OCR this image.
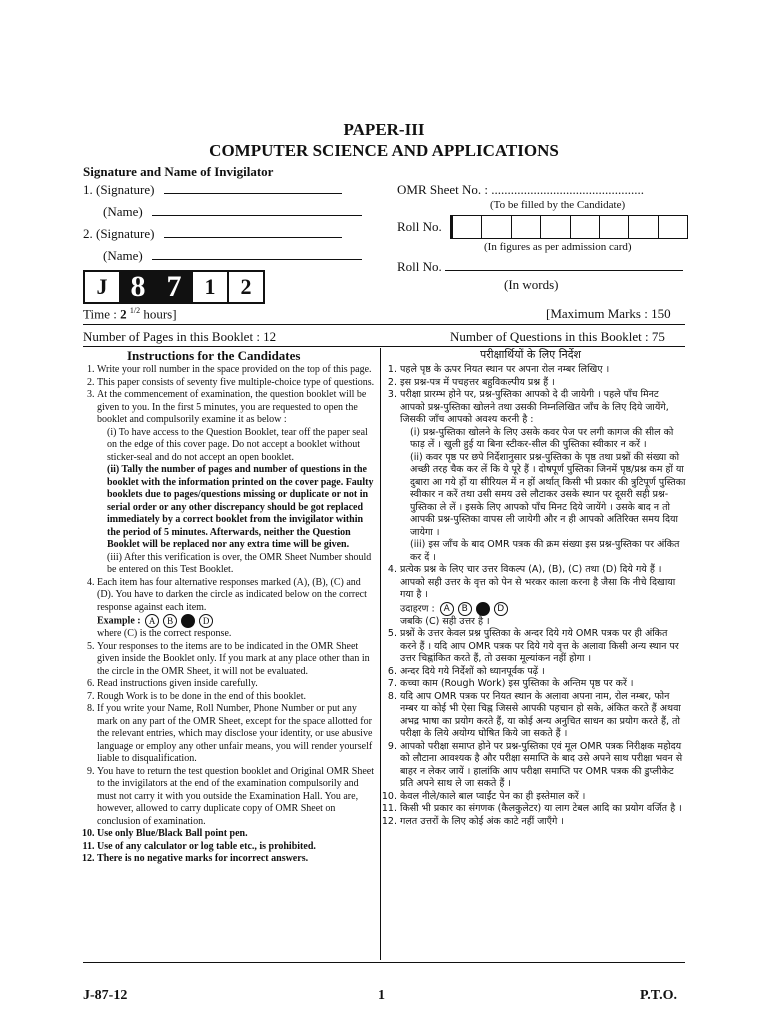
PAPER-III
COMPUTER SCIENCE AND APPLICATIONS
Signature and Name of Invigilator
1. (Signature)
(Name)
2. (Signature)
(Name)
OMR Sheet No. : ...............................................
(To be filled by the Candidate)
Roll No.
(In figures as per admission card)
Roll No.
(In words)
J 8 7	1	2
Time : 2 $^{1/2}$ hours]	[Maximum Marks : 150
Number of Pages in this Booklet : 12	Number of Questions in this Booklet : 75
Instructions for the Candidates	परीक्षार्थियों के लिए निर्देश
1. Write your roll number in the space provided on the top of this page.
2. This paper consists of seventy five multiple-choice type of questions.
3. At the commencement of examination, the question booklet will be given to you. In the first 5 minutes, you are requested to open the booklet and compulsorily examine it as below :
(i) To have access to the Question Booklet, tear off the paper seal on the edge of this cover page. Do not accept a booklet without sticker-seal and do not accept an open booklet.
(ii) Tally the number of pages and number of questions in the booklet with the information printed on the cover page. Faulty booklets due to pages/questions missing or duplicate or not in serial order or any other discrepancy should be got replaced immediately by a correct booklet from the invigilator within the period of 5 minutes. Afterwards, neither the Question Booklet will be replaced nor any extra time will be given.
(iii) After this verification is over, the OMR Sheet Number should be entered on this Test Booklet.
4. Each item has four alternative responses marked (A), (B), (C) and (D). You have to darken the circle as indicated below on the correct response against each item.
Example : A B	D
where (C) is the correct response.
5. Your responses to the items are to be indicated in the OMR Sheet given inside the Booklet only. If you mark at any place other than in the circle in the OMR Sheet, it will not be evaluated.
6. Read instructions given inside carefully.
7. Rough Work is to be done in the end of this booklet.
8. If you write your Name, Roll Number, Phone Number or put any mark on any part of the OMR Sheet, except for the space allotted for the relevant entries, which may disclose your identity, or use abusive language or employ any other unfair means, you will render yourself liable to disqualification.
9. You have to return the test question booklet and Original OMR Sheet to the invigilators at the end of the examination compulsorily and must not carry it with you outside the Examination Hall. You are, however, allowed to carry duplicate copy of OMR Sheet on conclusion of examination.
10. Use only Blue/Black Ball point pen.
11. Use of any calculator or log table etc., is prohibited.
12. There is no negative marks for incorrect answers.
1. पहले पृष्ठ के ऊपर नियत स्थान पर अपना रोल नम्बर लिखिए ।
2. इस प्रश्न-पत्र में पचहत्तर बहुविकल्पीय प्रश्न हैं ।
3. परीक्षा प्रारम्भ होने पर, प्रश्न-पुस्तिका आपको दे दी जायेगी । पहले पाँच मिनट आपको प्रश्न-पुस्तिका खोलने तथा उसकी निम्नलिखित जाँच के लिए दिये जायेंगे, जिसकी जाँच आपको अवश्य करनी है :
(i) प्रश्न-पुस्तिका खोलने के लिए उसके कवर पेज पर लगी कागज की सील को फाड़ लें । खुली हुई या बिना स्टीकर-सील की पुस्तिका स्वीकार न करें ।
(ii) कवर पृष्ठ पर छपे निर्देशानुसार प्रश्न-पुस्तिका के पृष्ठ तथा प्रश्नों की संख्या को अच्छी तरह चैक कर लें कि ये पूरे हैं । दोषपूर्ण पुस्तिका जिनमें पृष्ठ/प्रश्न कम हों या दुबारा आ गये हों या सीरियल में न हों अर्थात् किसी भी प्रकार की त्रुटिपूर्ण पुस्तिका स्वीकार न करें तथा उसी समय उसे लौटाकर उसके स्थान पर दूसरी सही प्रश्न-पुस्तिका ले लें । इसके लिए आपको पाँच मिनट दिये जायेंगे । उसके बाद न तो आपकी प्रश्न-पुस्तिका वापस ली जायेगी और न ही आपको अतिरिक्त समय दिया जायेगा ।
(iii) इस जाँच के बाद OMR पत्रक की क्रम संख्या इस प्रश्न-पुस्तिका पर अंकित कर दें ।
4. प्रत्येक प्रश्न के लिए चार उत्तर विकल्प (A), (B), (C) तथा (D) दिये गये हैं । आपको सही उत्तर के वृत्त को पेन से भरकर काला करना है जैसा कि नीचे दिखाया गया है ।
उदाहरण : A B	D
जबकि (C) सही उत्तर है ।
5. प्रश्नों के उत्तर केवल प्रश्न पुस्तिका के अन्दर दिये गये OMR पत्रक पर ही अंकित करने हैं । यदि आप OMR पत्रक पर दिये गये वृत्त के अलावा किसी अन्य स्थान पर उत्तर चिह्नांकित करते हैं, तो उसका मूल्यांकन नहीं होगा ।
6. अन्दर दिये गये निर्देशों को ध्यानपूर्वक पढ़ें ।
7. कच्चा काम (Rough Work) इस पुस्तिका के अन्तिम पृष्ठ पर करें ।
8. यदि आप OMR पत्रक पर नियत स्थान के अलावा अपना नाम, रोल नम्बर, फोन नम्बर या कोई भी ऐसा चिह्न जिससे आपकी पहचान हो सके, अंकित करते हैं अथवा अभद्र भाषा का प्रयोग करते हैं, या कोई अन्य अनुचित साधन का प्रयोग करते हैं, तो परीक्षा के लिये अयोग्य घोषित किये जा सकते हैं ।
9. आपको परीक्षा समाप्त होने पर प्रश्न-पुस्तिका एवं मूल OMR पत्रक निरीक्षक महोदय को लौटाना आवश्यक है और परीक्षा समाप्ति के बाद उसे अपने साथ परीक्षा भवन से बाहर न लेकर जायें । हालांकि आप परीक्षा समाप्ति पर OMR पत्रक की डुप्लीकेट प्रति अपने साथ ले जा सकते हैं ।
10. केवल नीले/काले बाल प्वाईंट पेन का ही इस्तेमाल करें ।
11. किसी भी प्रकार का संगणक (कैलकुलेटर) या लाग टेबल आदि का प्रयोग वर्जित है ।
12. गलत उत्तरों के लिए कोई अंक काटे नहीं जाएँगे ।
J-87-12	1	P.T.O.
